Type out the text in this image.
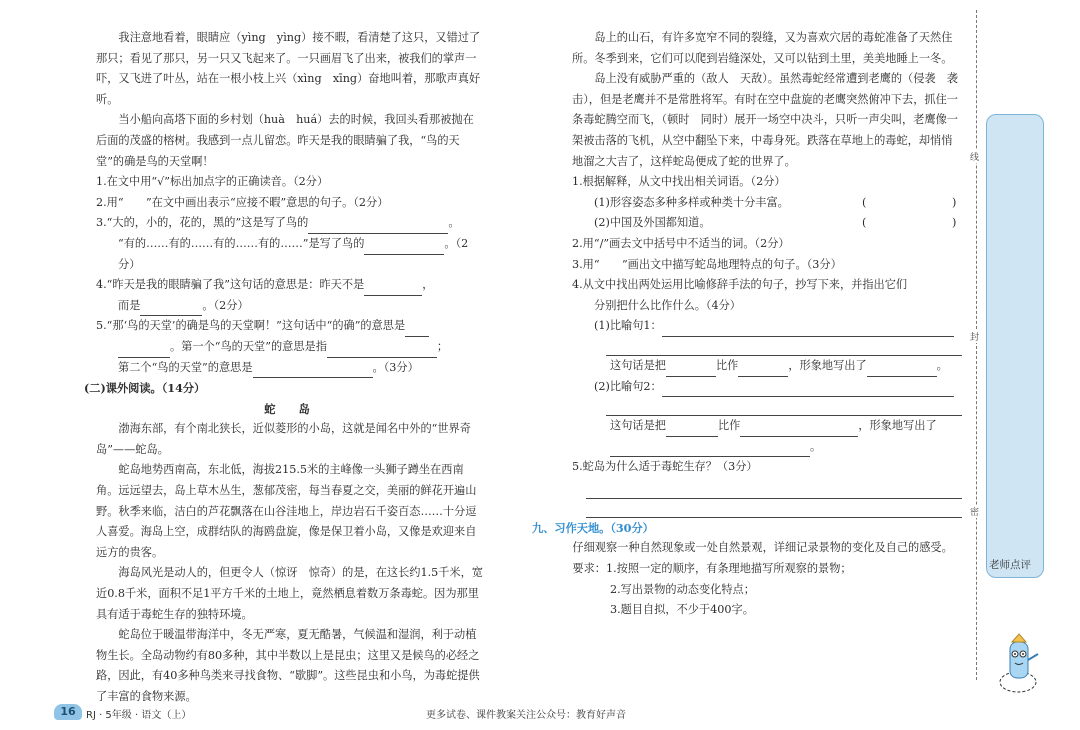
我注意地看着，眼睛应（yìng　yìng）接不暇，看清楚了这只，又错过了那只；看见了那只，另一只又飞起来了。一只画眉飞了出来，被我们的掌声一吓，又飞进了叶丛，站在一根小枝上兴（xìng　xīng）奋地叫着，那歌声真好听。

当小船向高塔下面的乡村划（huà　huá）去的时候，我回头看那被抛在后面的茂盛的榕树。我感到一点儿留恋。昨天是我的眼睛骗了我，“鸟的天堂”的确是鸟的天堂啊！

1.在文中用“√”标出加点字的正确读音。（2分）

2.用“　　”在文中画出表示“应接不暇”意思的句子。（2分）

3.“大的，小的，花的，黑的”这是写了鸟的	。

“有的……有的……有的……有的……”是写了鸟的	。（2分）

4.“昨天是我的眼睛骗了我”这句话的意思是：昨天不是	，

而是	。（2分）

5.“那‘鸟的天堂’的确是鸟的天堂啊！”这句话中“的确”的意思是

。第一个“鸟的天堂”的意思是指	；

第二个“鸟的天堂”的意思是	。（3分）

(二)课外阅读。（14分）

蛇　岛

渤海东部，有个南北狭长，近似菱形的小岛，这就是闻名中外的“世界奇岛”——蛇岛。

蛇岛地势西南高，东北低，海拔215.5米的主峰像一头狮子蹲坐在西南角。远远望去，岛上草木丛生，葱郁茂密，每当春夏之交，美丽的鲜花开遍山野。秋季来临，洁白的芦花飘落在山谷洼地上，岸边岩石千姿百态……十分逗人喜爱。海岛上空，成群结队的海鸥盘旋，像是保卫着小岛，又像是欢迎来自远方的贵客。

海岛风光是动人的，但更令人（惊讶　惊奇）的是，在这长约1.5千米，宽近0.8千米，面积不足1平方千米的土地上，竟然栖息着数万条毒蛇。因为那里具有适于毒蛇生存的独特环境。

蛇岛位于暖温带海洋中，冬无严寒，夏无酷暑，气候温和湿润，利于动植物生长。全岛动物约有80多种，其中半数以上是昆虫；这里又是候鸟的必经之路，因此，有40多种鸟类来寻找食物、“歇脚”。这些昆虫和小鸟，为毒蛇提供了丰富的食物来源。

岛上的山石，有许多宽窄不同的裂缝，又为喜欢穴居的毒蛇准备了天然住所。冬季到来，它们可以爬到岩缝深处，又可以钻到土里，美美地睡上一冬。

岛上没有威胁严重的（敌人　天敌）。虽然毒蛇经常遭到老鹰的（侵袭　袭击），但是老鹰并不是常胜将军。有时在空中盘旋的老鹰突然俯冲下去，抓住一条毒蛇腾空而飞，（顿时　同时）展开一场空中决斗，只听一声尖叫，老鹰像一架被击落的飞机，从空中翻坠下来，中毒身死。跌落在草地上的毒蛇，却悄悄地溜之大吉了，这样蛇岛便成了蛇的世界了。

1.根据解释，从文中找出相关词语。（2分）

(1)形容姿态多种多样或种类十分丰富。	(	)

(2)中国及外国都知道。	(	)

2.用“/”画去文中括号中不适当的词。（2分）

3.用“　　”画出文中描写蛇岛地理特点的句子。（3分）

4.从文中找出两处运用比喻修辞手法的句子，抄写下来，并指出它们

分别把什么比作什么。（4分）

(1)比喻句1：

这句话是把	比作	，形象地写出了	。

(2)比喻句2：

这句话是把	比作	，形象地写出了

。

5.蛇岛为什么适于毒蛇生存？（3分）

九、习作天地。（30分）

仔细观察一种自然现象或一处自然景观，详细记录景物的变化及自己的感受。

要求：1.按照一定的顺序，有条理地描写所观察的景物；

2.写出景物的动态变化特点；

3.题目自拟，不少于400字。

老师点评
线
封
密
16	RJ · 5年级 · 语文（上）	更多试卷、课件教案关注公众号：教育好声音
